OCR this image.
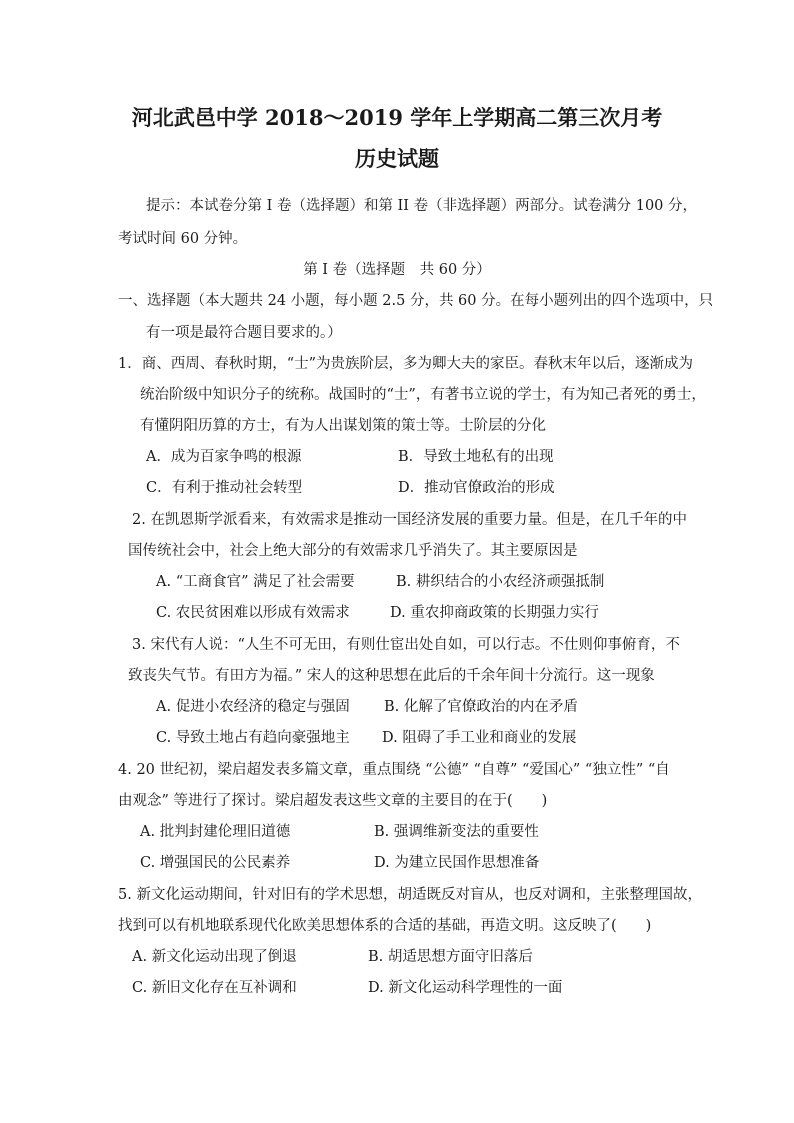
河北武邑中学 2018～2019 学年上学期高二第三次月考
历史试题
提示：本试卷分第 I 卷（选择题）和第 II 卷（非选择题）两部分。试卷满分 100 分，
考试时间 60 分钟。
第 I 卷（选择题　共 60 分）
一、选择题（本大题共 24 小题，每小题 2.5 分，共 60 分。在每小题列出的四个选项中，只
有一项是最符合题目要求的。）
1．商、西周、春秋时期，“士”为贵族阶层，多为卿大夫的家臣。春秋末年以后，逐渐成为
统治阶级中知识分子的统称。战国时的“士”，有著书立说的学士，有为知己者死的勇士，
有懂阴阳历算的方士，有为人出谋划策的策士等。士阶层的分化
A．成为百家争鸣的根源	B．导致土地私有的出现
C．有利于推动社会转型	D．推动官僚政治的形成
2. 在凯恩斯学派看来，有效需求是推动一国经济发展的重要力量。但是，在几千年的中
国传统社会中，社会上绝大部分的有效需求几乎消失了。其主要原因是
A. “工商食官” 满足了社会需要	B. 耕织结合的小农经济顽强抵制
C. 农民贫困难以形成有效需求	D. 重农抑商政策的长期强力实行
3. 宋代有人说：“人生不可无田，有则仕宦出处自如，可以行志。不仕则仰事俯育，不
致丧失气节。有田方为福。” 宋人的这种思想在此后的千余年间十分流行。这一现象
A. 促进小农经济的稳定与强固 B. 化解了官僚政治的内在矛盾
C. 导致土地占有趋向豪强地主 D. 阻碍了手工业和商业的发展
4. 20 世纪初，梁启超发表多篇文章，重点围绕 “公德” “自尊” “爱国心” “独立性” “自
由观念” 等进行了探讨。梁启超发表这些文章的主要目的在于(　　)
A. 批判封建伦理旧道德	B. 强调维新变法的重要性
C. 增强国民的公民素养	D. 为建立民国作思想准备
5. 新文化运动期间，针对旧有的学术思想，胡适既反对盲从，也反对调和，主张整理国故，
找到可以有机地联系现代化欧美思想体系的合适的基础，再造文明。这反映了(　　)
A. 新文化运动出现了倒退	B. 胡适思想方面守旧落后
C. 新旧文化存在互补调和	D. 新文化运动科学理性的一面
